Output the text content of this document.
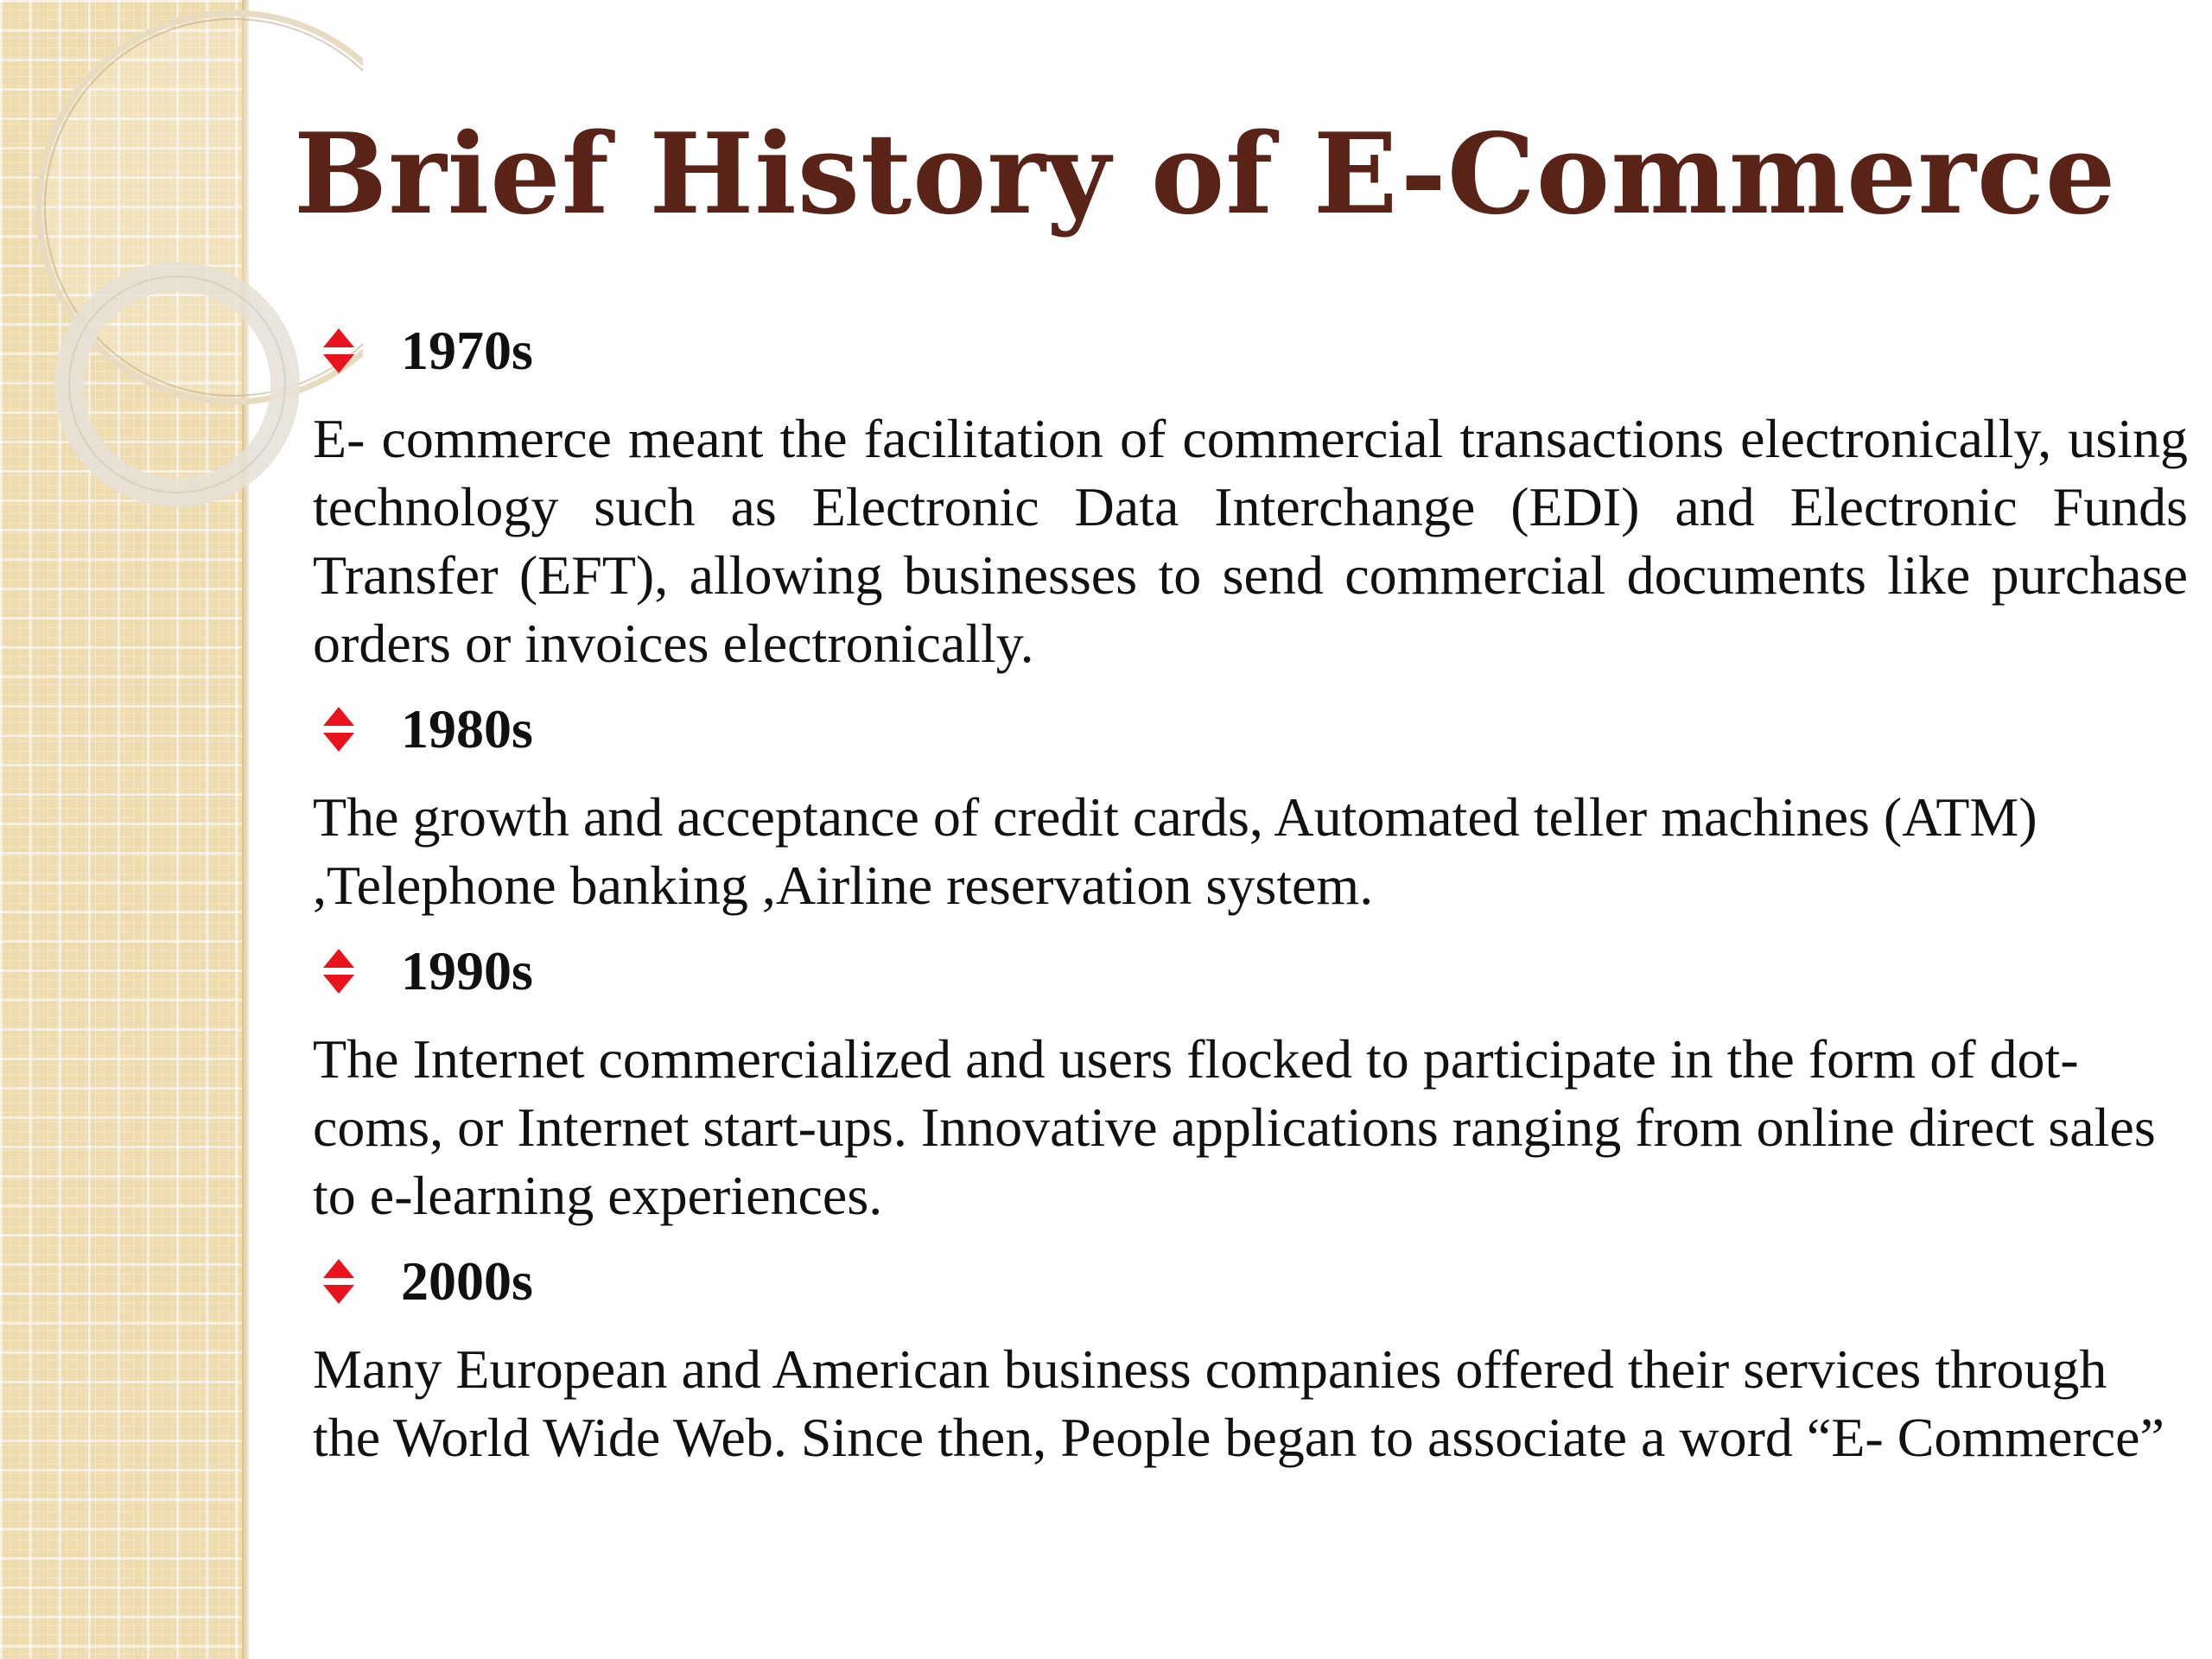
Brief History of E-Commerce
1970s

E- commerce meant the facilitation of commercial transactions electronically, using technology such as Electronic Data Interchange (EDI) and Electronic Funds Transfer (EFT), allowing businesses to send commercial documents like purchase orders or invoices electronically.

1980s

The growth and acceptance of credit cards, Automated teller machines (ATM) ,Telephone banking ,Airline reservation system.

1990s

The Internet commercialized and users flocked to participate in the form of dot-coms, or Internet start-ups. Innovative applications ranging from online direct sales to e-learning experiences.

2000s

Many European and American business companies offered their services through the World Wide Web. Since then, People began to associate a word “E- Commerce”
